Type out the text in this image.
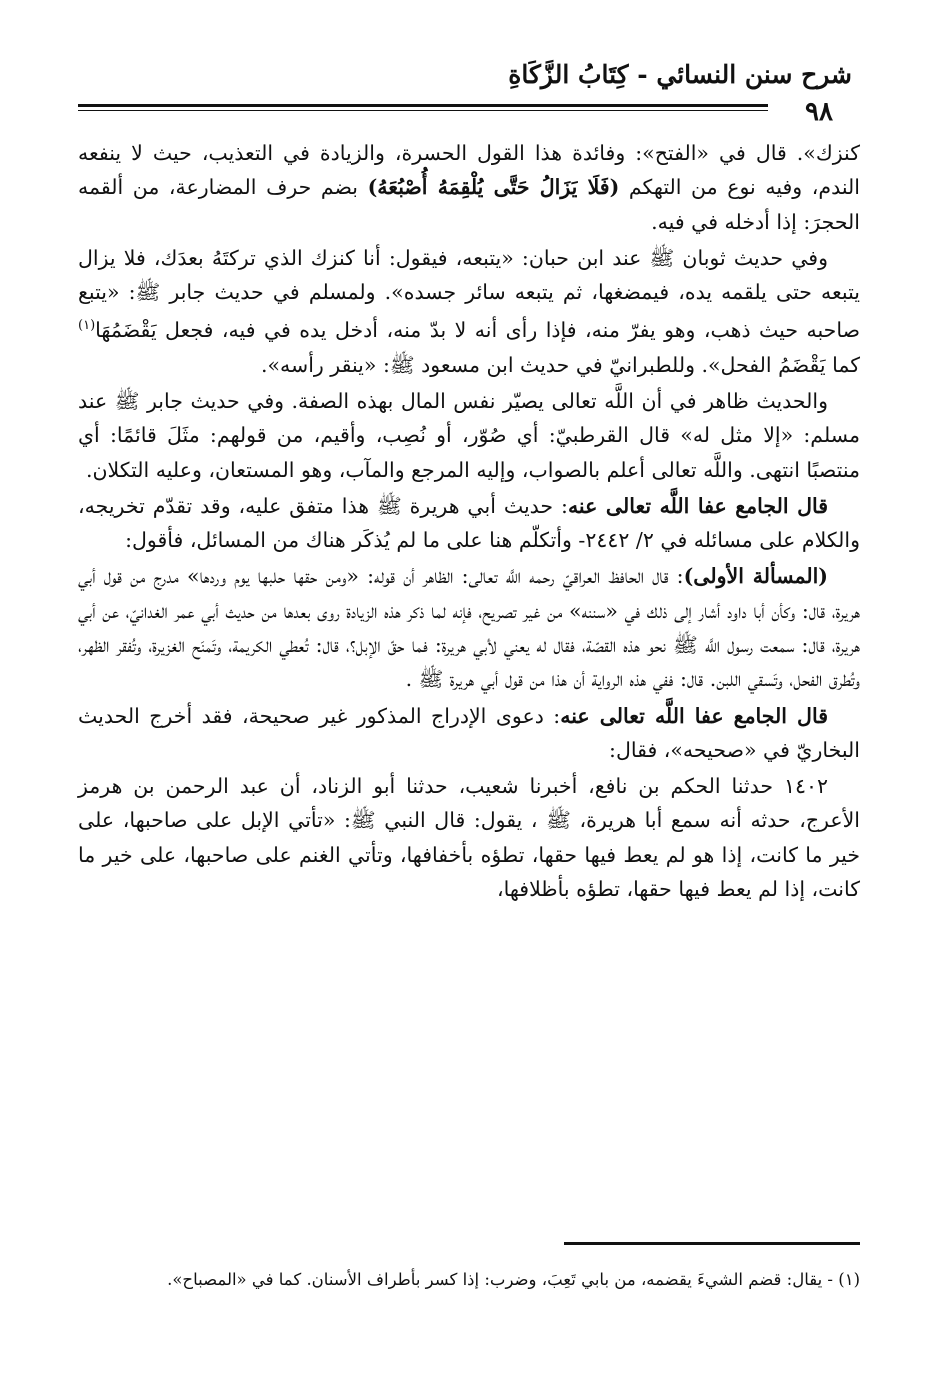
شرح سنن النسائي - كِتَابُ الزَّكَاةِ
٩٨

كنزك». قال في «الفتح»: وفائدة هذا القول الحسرة، والزيادة في التعذيب، حيث لا ينفعه الندم، وفيه نوع من التهكم (فَلَا يَزَالُ حَتَّى يُلْقِمَهُ أُصْبُعَهُ) بضم حرف المضارعة، من ألقمه الحجرَ: إذا أدخله في فيه.

وفي حديث ثوبان ﷺ عند ابن حبان: «يتبعه، فيقول: أنا كنزك الذي تركتَهُ بعدَك، فلا يزال يتبعه حتى يلقمه يده، فيمضغها، ثم يتبعه سائر جسده». ولمسلم في حديث جابر ﷺ: «يتبع صاحبه حيث ذهب، وهو يفرّ منه، فإذا رأى أنه لا بدّ منه، أدخل يده في فيه، فجعل يَقْضَمُهَا$^{(١)}$ كما يَقْضَمُ الفحل». وللطبرانيّ في حديث ابن مسعود ﷺ: «ينقر رأسه».

والحديث ظاهر في أن اللَّه تعالى يصيّر نفس المال بهذه الصفة. وفي حديث جابر ﷺ عند مسلم: «إلا مثل له» قال القرطبيّ: أي صُوّر، أو نُصِب، وأقيم، من قولهم: مثَلَ قائمًا: أي منتصبًا انتهى. واللَّه تعالى أعلم بالصواب، وإليه المرجع والمآب، وهو المستعان، وعليه التكلان.

قال الجامع عفا اللَّه تعالى عنه: حديث أبي هريرة ﷺ هذا متفق عليه، وقد تقدّم تخريجه، والكلام على مسائله في ٢/ ٢٤٤٢- وأتكلّم هنا على ما لم يُذكَر هناك من المسائل، فأقول:

(المسألة الأولى): قال الحافظ العراقيّ رحمه اللَّه تعالى: الظاهر أن قوله: «ومن حقها حلبها يوم وردها» مدرج من قول أبي هريرة، قال: وكأن أبا داود أشار إلى ذلك في «سننه» من غير تصريح، فإنه لما ذكر هذه الزيادة روى بعدها من حديث أبي عمر الغدانيّ، عن أبي هريرة، قال: سمعت رسول اللَّه ﷺ نحو هذه القصّة، فقال له يعني لأبي هريرة: فما حقّ الإبل؟، قال: تُعطي الكريمة، وتَمنَح الغزيرة، وتُفقر الظهر، وتُطرق الفحل، وتَسقي اللبن. قال: ففي هذه الرواية أن هذا من قول أبي هريرة ﷺ .

قال الجامع عفا اللَّه تعالى عنه: دعوى الإدراج المذكور غير صحيحة، فقد أخرج الحديث البخاريّ في «صحيحه»، فقال:

١٤٠٢ حدثنا الحكم بن نافع، أخبرنا شعيب، حدثنا أبو الزناد، أن عبد الرحمن بن هرمز الأعرج، حدثه أنه سمع أبا هريرة، ﷺ ، يقول: قال النبي ﷺ: «تأتي الإبل على صاحبها، على خير ما كانت، إذا هو لم يعط فيها حقها، تطؤه بأخفافها، وتأتي الغنم على صاحبها، على خير ما كانت، إذا لم يعط فيها حقها، تطؤه بأظلافها،

(١) - يقال: قضم الشيءَ يقضمه، من بابي تَعِبَ، وضرب: إذا كسر بأطراف الأسنان. كما في «المصباح».
